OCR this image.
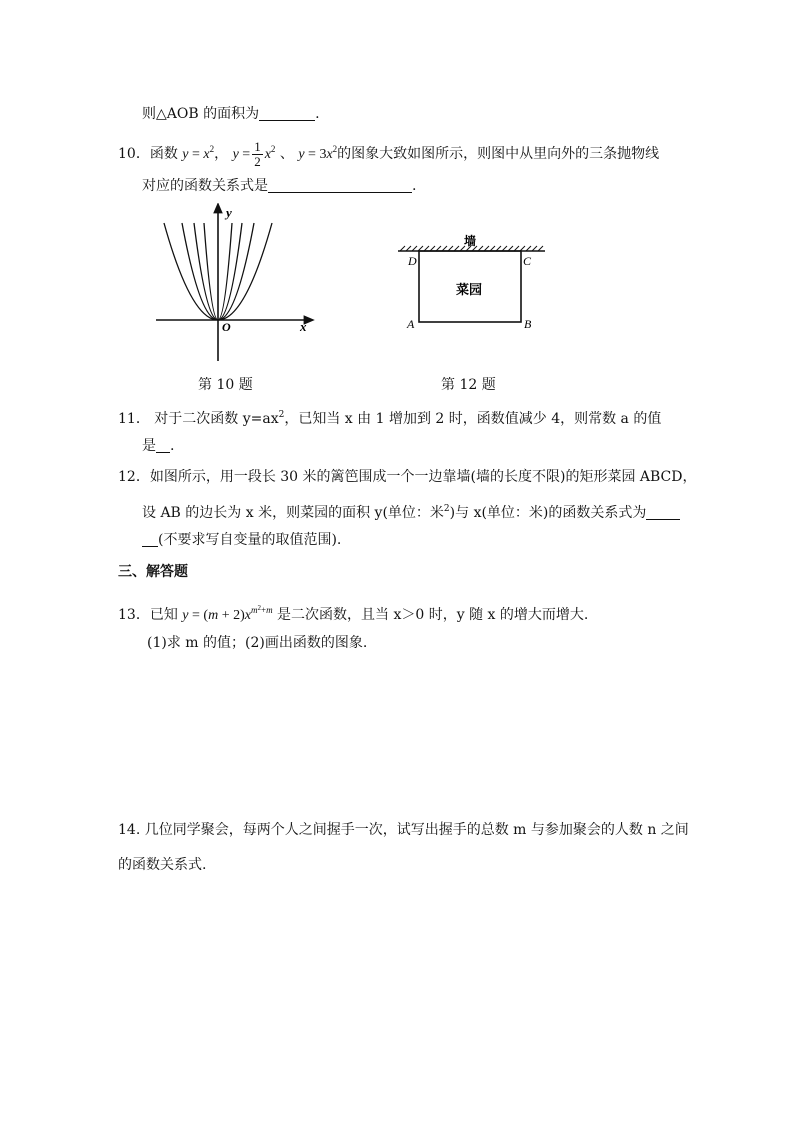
则△AOB 的面积为	.
10．函数 $y = x^2$， $y = \frac{1}{2} x^2$ 、 $y = 3x^2$的图象大致如图所示，则图中从里向外的三条抛物线
对应的函数关系式是	.
y
x
O
第 10 题
墙
菜园
D	C
A	B
第 12 题
11． 对于二次函数 $y=ax^2$，已知当 x 由 1 增加到 2 时，函数值减少 4，则常数 a 的值
是 .
12．如图所示，用一段长 30 米的篱笆围成一个一边靠墙(墙的长度不限)的矩形菜园 ABCD，
设 AB 的边长为 x 米，则菜园的面积 y(单位：米$^2$)与 x(单位：米)的函数关系式为
(不要求写自变量的取值范围).
三、解答题
13．已知 $y = (m + 2)x^{m^2+m}$ 是二次函数，且当 x＞0 时，y 随 x 的增大而增大.
(1)求 m 的值；(2)画出函数的图象.
14. 几位同学聚会，每两个人之间握手一次，试写出握手的总数 m 与参加聚会的人数 n 之间
的函数关系式.
